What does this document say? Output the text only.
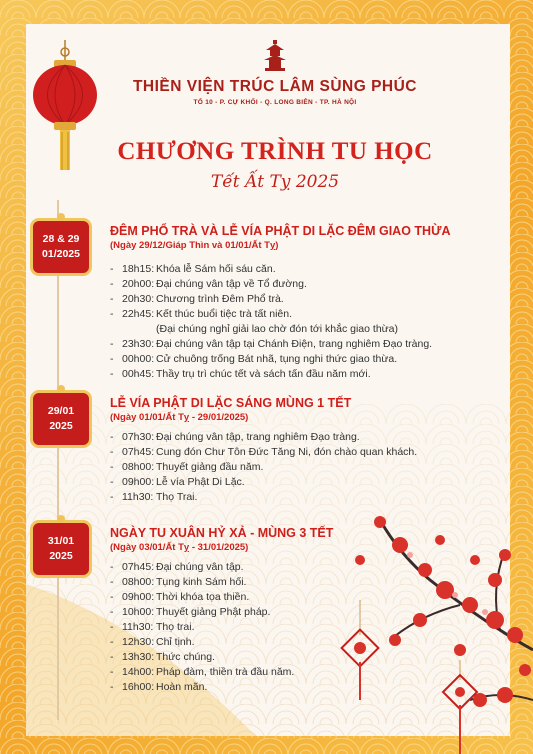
THIỀN VIỆN TRÚC LÂM SÙNG PHÚC
TỔ 10 - P. CỰ KHỐI - Q. LONG BIÊN - TP. HÀ NỘI
CHƯƠNG TRÌNH TU HỌC
Tết Ất Tỵ 2025
28 & 29
01/2025
ĐÊM PHỔ TRÀ VÀ LỄ VÍA PHẬT DI LẶC ĐÊM GIAO THỪA
(Ngày 29/12/Giáp Thìn và 01/01/Ất Tỵ)
- 18h15: Khóa lễ Sám hối sáu căn.
- 20h00: Đại chúng vân tập về Tổ đường.
- 20h30: Chương trình Đêm Phổ trà.
- 22h45: Kết thúc buổi tiệc trà tất niên.
(Đại chúng nghỉ giải lao chờ đón tới khắc giao thừa)
- 23h30: Đại chúng vân tập tại Chánh Điện, trang nghiêm Đạo tràng.
- 00h00: Cử chuông trống Bát nhã, tụng nghi thức giao thừa.
- 00h45: Thầy trụ trì chúc tết và sách tấn đầu năm mới.
29/01
2025
LỄ VÍA PHẬT DI LẶC SÁNG MÙNG 1 TẾT
(Ngày 01/01/Ất Tỵ - 29/01/2025)
- 07h30: Đại chúng vân tập, trang nghiêm Đạo tràng.
- 07h45: Cung đón Chư Tôn Đức Tăng Ni, đón chào quan khách.
- 08h00: Thuyết giảng đầu năm.
- 09h00: Lễ vía Phật Di Lặc.
- 11h30: Thọ Trai.
31/01
2025
NGÀY TU XUÂN HỶ XẢ - MÙNG 3 TẾT
(Ngày 03/01/Ất Tỵ - 31/01/2025)
- 07h45: Đại chúng vân tập.
- 08h00: Tụng kinh Sám hối.
- 09h00: Thời khóa tọa thiền.
- 10h00: Thuyết giảng Phật pháp.
- 11h30: Thọ trai.
- 12h30: Chỉ tịnh.
- 13h30: Thức chúng.
- 14h00: Pháp đàm, thiền trà đầu năm.
- 16h00: Hoàn mãn.
